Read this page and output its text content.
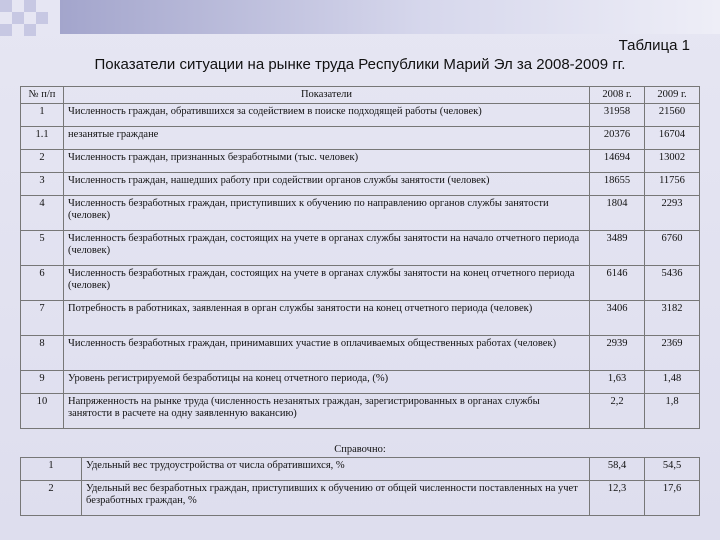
Таблица 1
Показатели ситуации на рынке труда Республики Марий Эл за 2008-2009 гг.
№ п/п	Показатели	2008 г.	2009 г.
1	Численность граждан, обратившихся за содействием в поиске подходящей работы (человек)	31958	21560
1.1	незанятые граждане	20376	16704
2	Численность граждан, признанных безработными (тыс. человек)	14694	13002
3	Численность граждан, нашедших работу при содействии органов службы занятости (человек)	18655	11756
4	Численность безработных граждан, приступивших к обучению по направлению органов службы занятости (человек)	1804	2293
5	Численность безработных граждан, состоящих на учете в органах службы занятости на начало отчетного периода (человек)	3489	6760
6	Численность безработных граждан, состоящих на учете в органах службы занятости на конец отчетного периода (человек)	6146	5436
7	Потребность в работниках, заявленная в орган службы занятости на конец отчетного периода (человек)	3406	3182
8	Численность безработных граждан, принимавших участие в оплачиваемых общественных работах (человек)	2939	2369
9	Уровень регистрируемой безработицы на конец отчетного периода, (%)	1,63	1,48
10	Напряженность на рынке труда (численность незанятых граждан, зарегистрированных в органах службы занятости в расчете на одну заявленную вакансию)	2,2	1,8
Справочно:
1	Удельный вес трудоустройства от числа обратившихся, %	58,4	54,5
2	Удельный вес безработных граждан, приступивших к обучению от общей численности поставленных на учет безработных граждан, %	12,3	17,6
